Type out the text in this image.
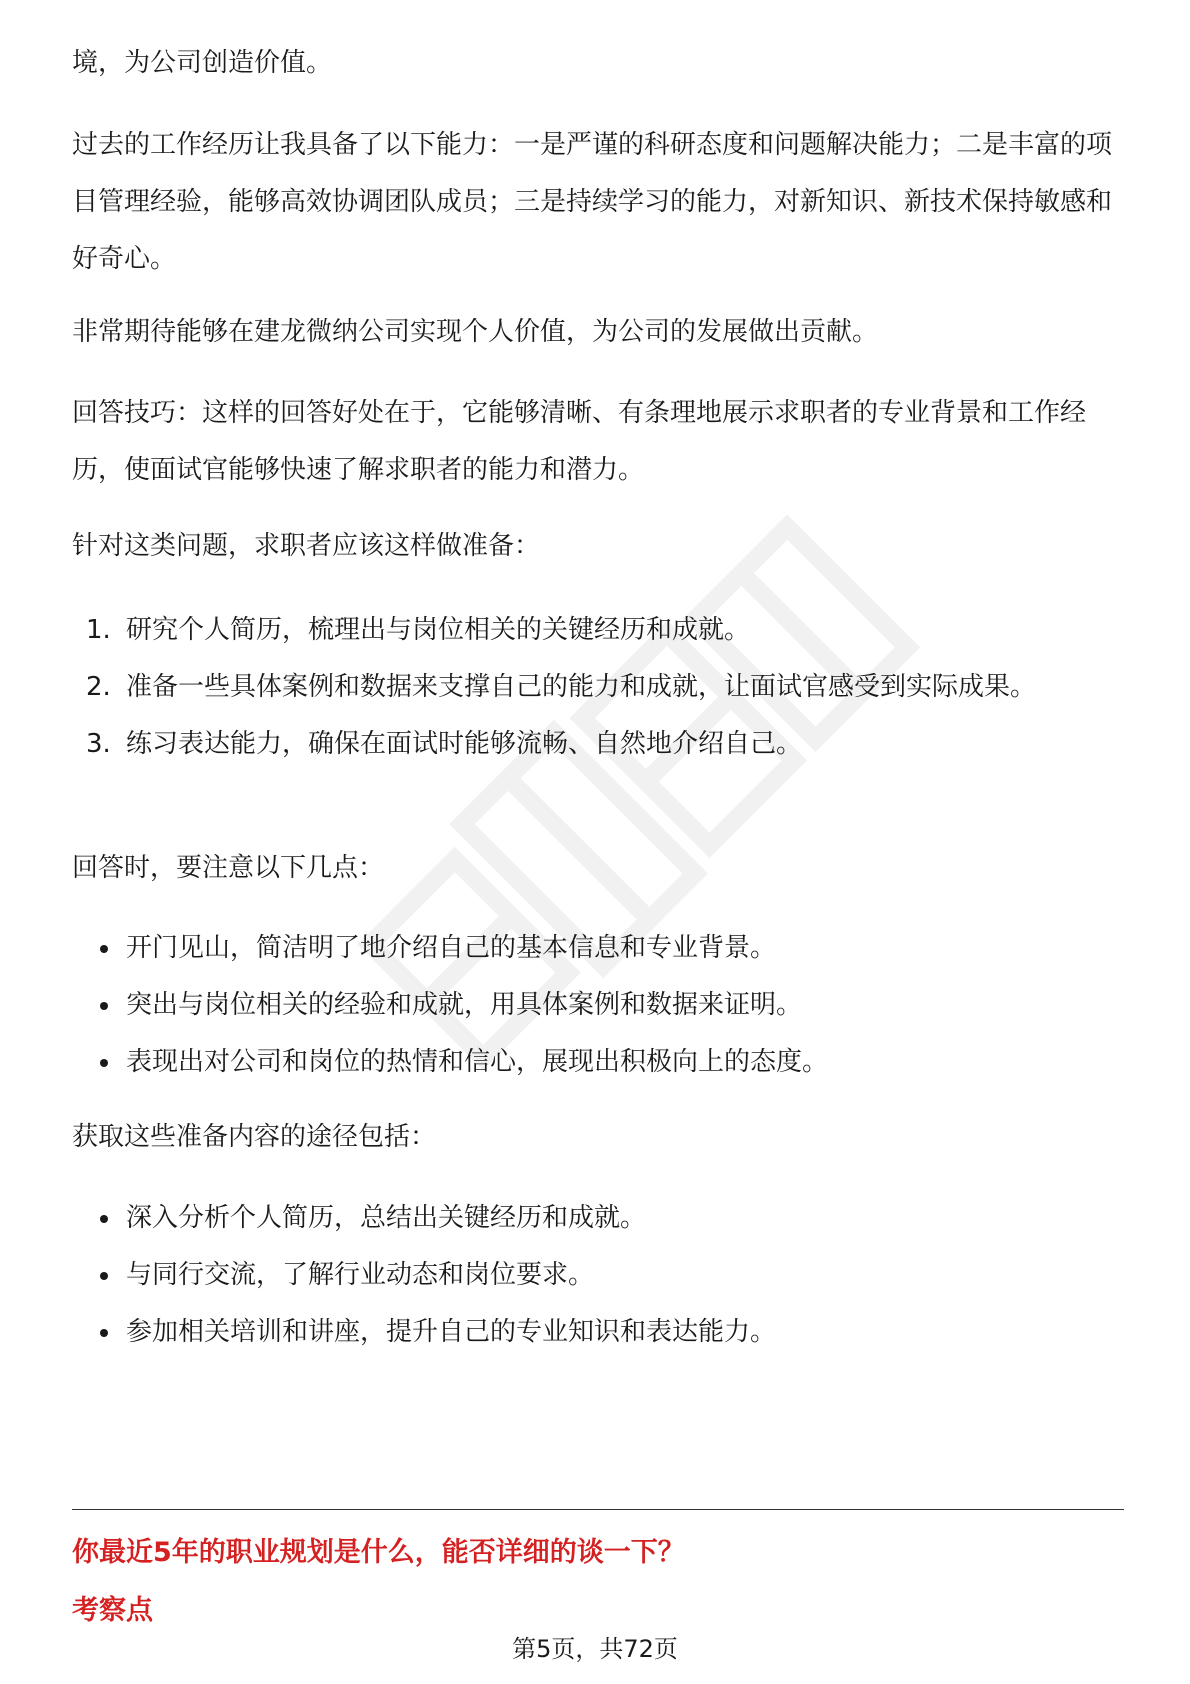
境，为公司创造价值。

过去的工作经历让我具备了以下能力：一是严谨的科研态度和问题解决能力；二是丰富的项目管理经验，能够高效协调团队成员；三是持续学习的能力，对新知识、新技术保持敏感和好奇心。

非常期待能够在建龙微纳公司实现个人价值，为公司的发展做出贡献。

回答技巧：这样的回答好处在于，它能够清晰、有条理地展示求职者的专业背景和工作经历，使面试官能够快速了解求职者的能力和潜力。

针对这类问题，求职者应该这样做准备：

1. 研究个人简历，梳理出与岗位相关的关键经历和成就。
2. 准备一些具体案例和数据来支撑自己的能力和成就，让面试官感受到实际成果。
3. 练习表达能力，确保在面试时能够流畅、自然地介绍自己。

回答时，要注意以下几点：

开门见山，简洁明了地介绍自己的基本信息和专业背景。
突出与岗位相关的经验和成就，用具体案例和数据来证明。
表现出对公司和岗位的热情和信心，展现出积极向上的态度。

获取这些准备内容的途径包括：

深入分析个人简历，总结出关键经历和成就。
与同行交流，了解行业动态和岗位要求。
参加相关培训和讲座，提升自己的专业知识和表达能力。
你最近5年的职业规划是什么，能否详细的谈一下？
考察点
第5页，共72页
